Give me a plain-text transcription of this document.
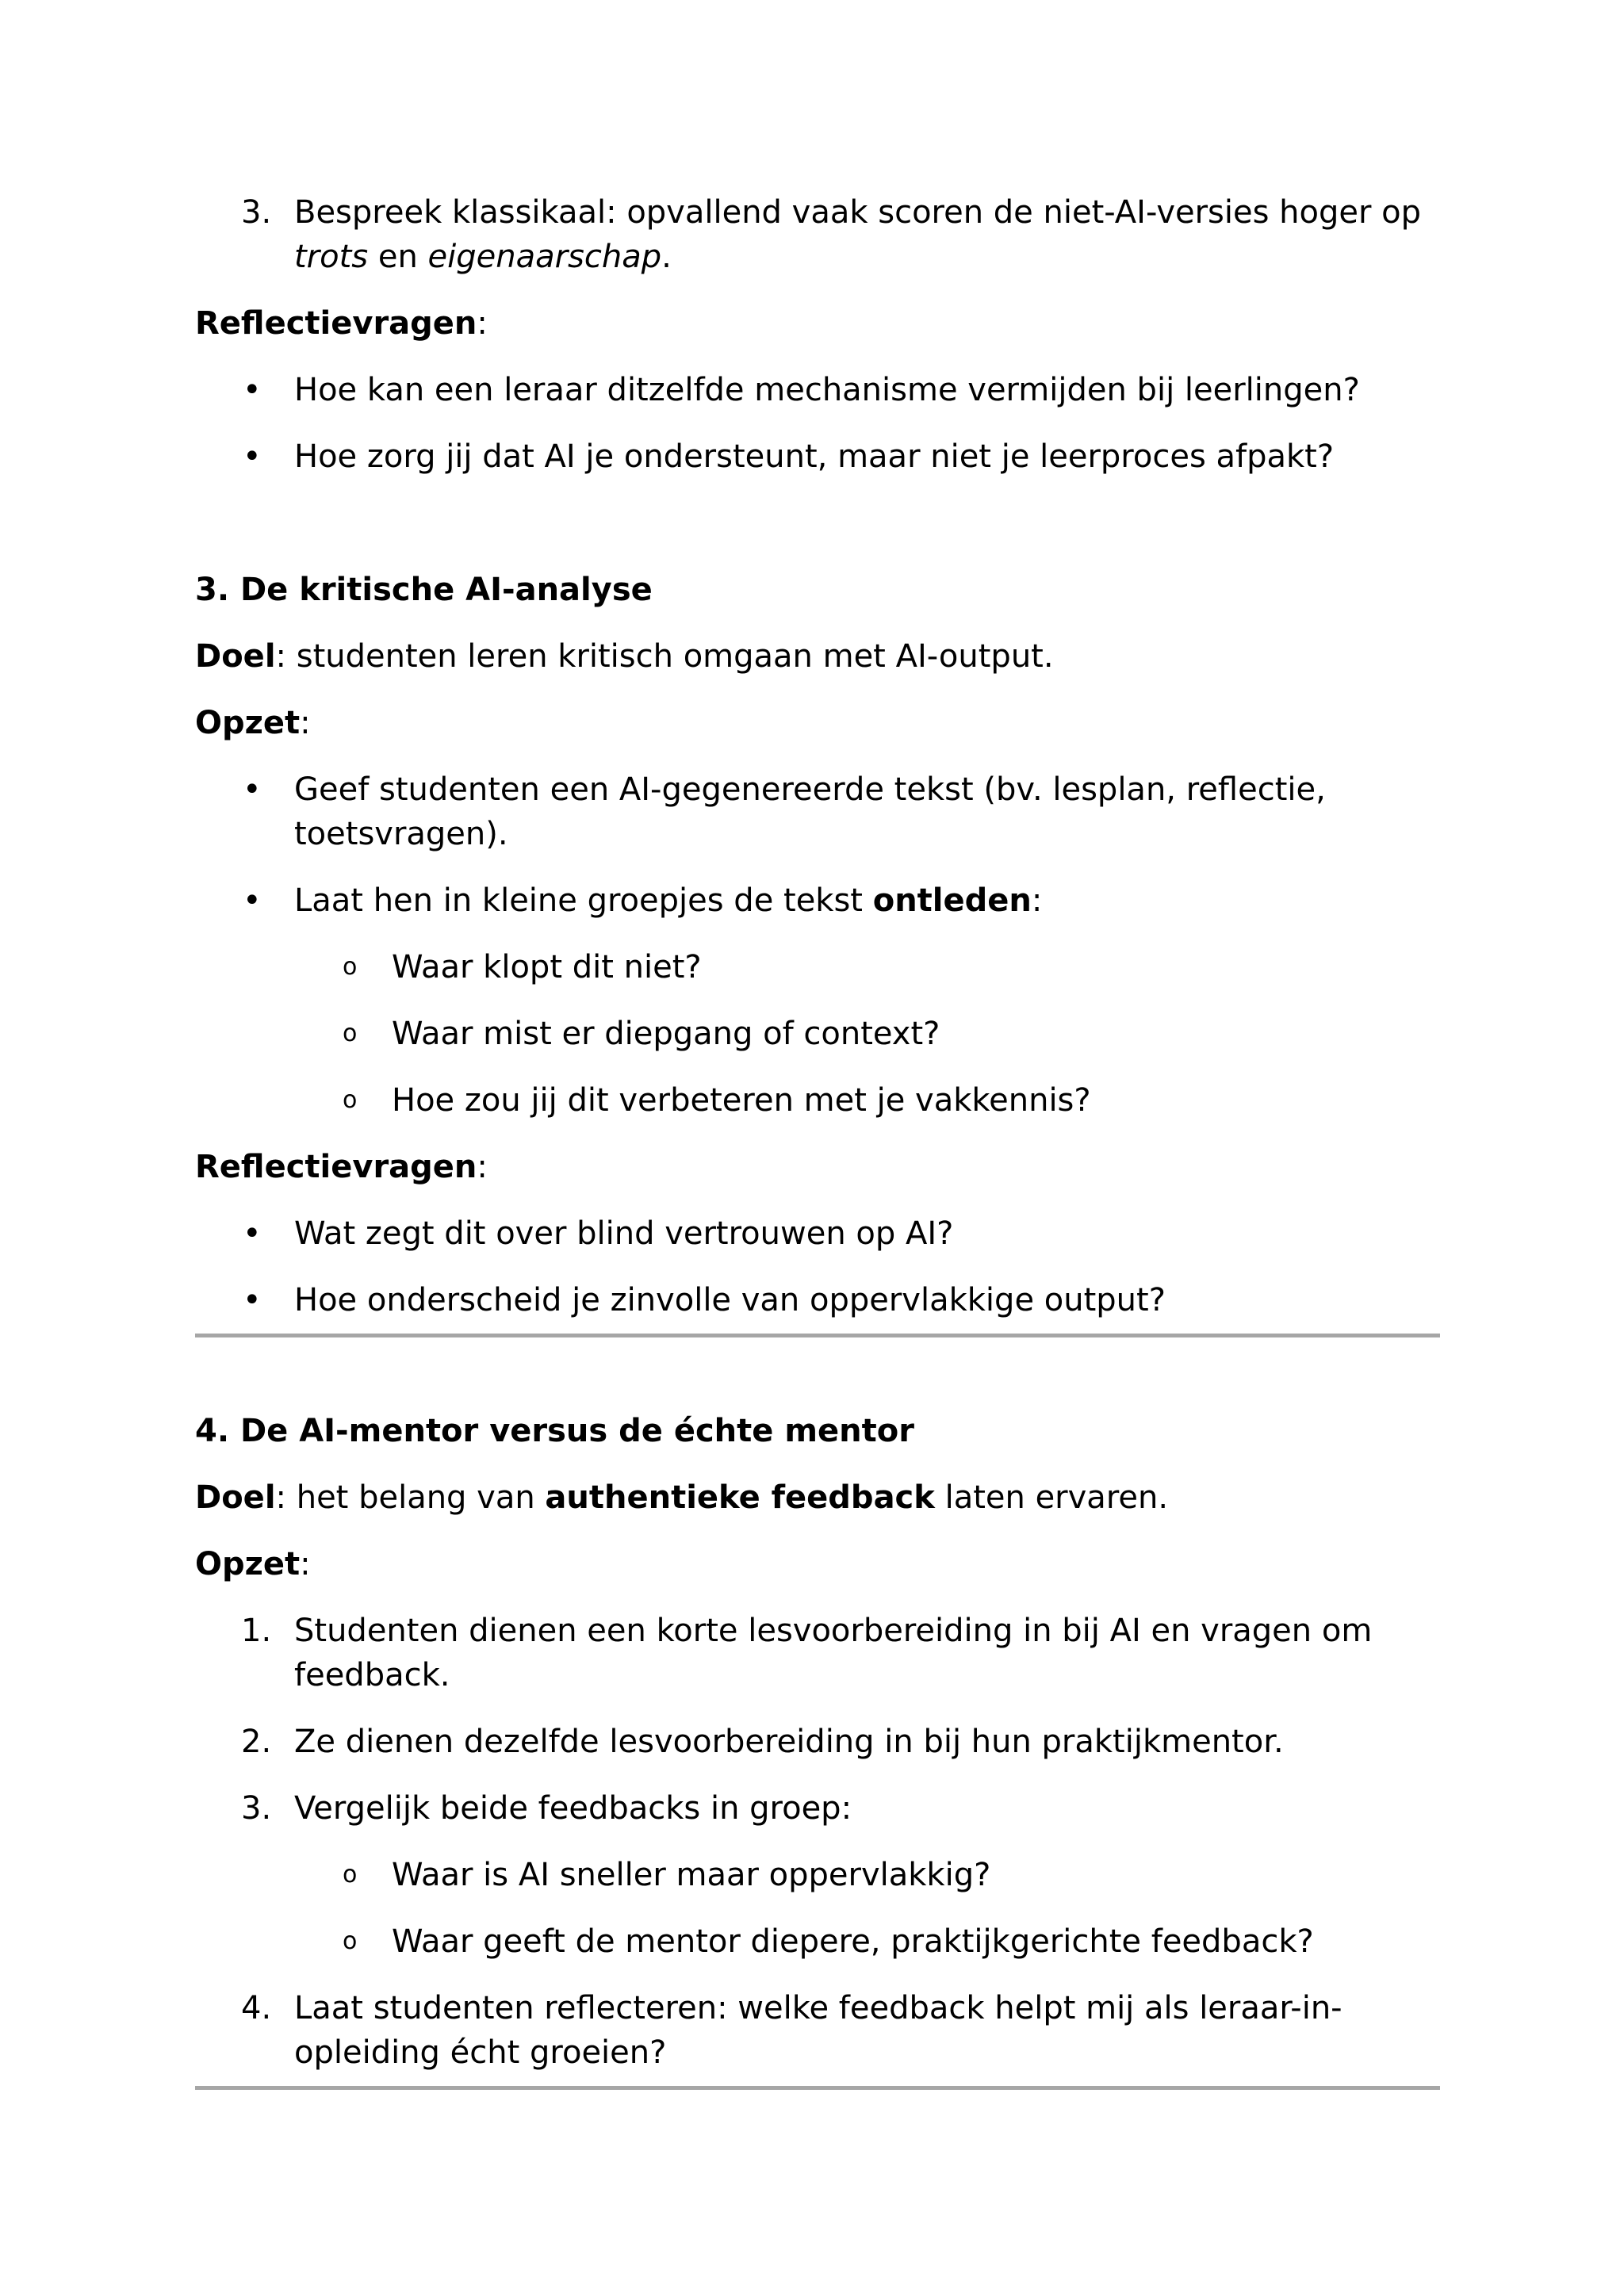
3. Bespreek klassikaal: opvallend vaak scoren de niet-AI-versies hoger op trots en eigenaarschap.
Reflectievragen:
• Hoe kan een leraar ditzelfde mechanisme vermijden bij leerlingen?
• Hoe zorg jij dat AI je ondersteunt, maar niet je leerproces afpakt?
3. De kritische AI-analyse
Doel: studenten leren kritisch omgaan met AI-output.
Opzet:
• Geef studenten een AI-gegenereerde tekst (bv. lesplan, reflectie, toetsvragen).
• Laat hen in kleine groepjes de tekst ontleden:
o Waar klopt dit niet?
o Waar mist er diepgang of context?
o Hoe zou jij dit verbeteren met je vakkennis?
Reflectievragen:
• Wat zegt dit over blind vertrouwen op AI?
• Hoe onderscheid je zinvolle van oppervlakkige output?
4. De AI-mentor versus de échte mentor
Doel: het belang van authentieke feedback laten ervaren.
Opzet:
1. Studenten dienen een korte lesvoorbereiding in bij AI en vragen om feedback.
2. Ze dienen dezelfde lesvoorbereiding in bij hun praktijkmentor.
3. Vergelijk beide feedbacks in groep:
o Waar is AI sneller maar oppervlakkig?
o Waar geeft de mentor diepere, praktijkgerichte feedback?
4. Laat studenten reflecteren: welke feedback helpt mij als leraar-in-opleiding écht groeien?
